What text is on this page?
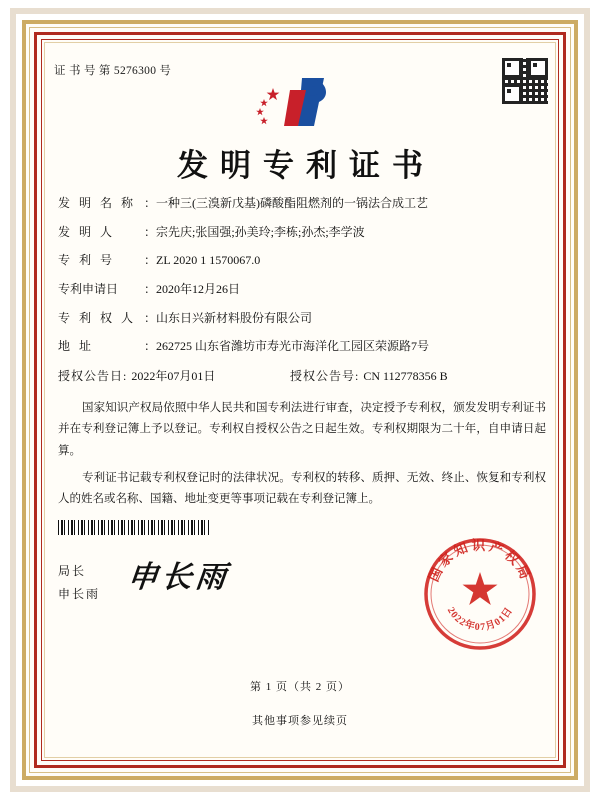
证 书 号 第 5276300 号
发明专利证书
发 明 名 称 ： 一种三(三溴新戊基)磷酸酯阻燃剂的一锅法合成工艺
发 明 人	： 宗先庆;张国强;孙美玲;李栋;孙杰;李学波
专 利 号	： ZL 2020 1 1570067.0
专利申请日	： 2020年12月26日
专 利 权 人 ： 山东日兴新材料股份有限公司
地 址	： 262725 山东省潍坊市寿光市海洋化工园区荣源路7号
授权公告日: 2022年07月01日	授权公告号: CN 112778356 B

国家知识产权局依照中华人民共和国专利法进行审查，决定授予专利权，颁发发明专利证书并在专利登记簿上予以登记。专利权自授权公告之日起生效。专利权期限为二十年，自申请日起算。

专利证书记载专利权登记时的法律状况。专利权的转移、质押、无效、终止、恢复和专利权人的姓名或名称、国籍、地址变更等事项记载在专利登记簿上。

局长
申长雨 申长雨	国家知识产权局
2022年07月01日
第 1 页（共 2 页）
其他事项参见续页
